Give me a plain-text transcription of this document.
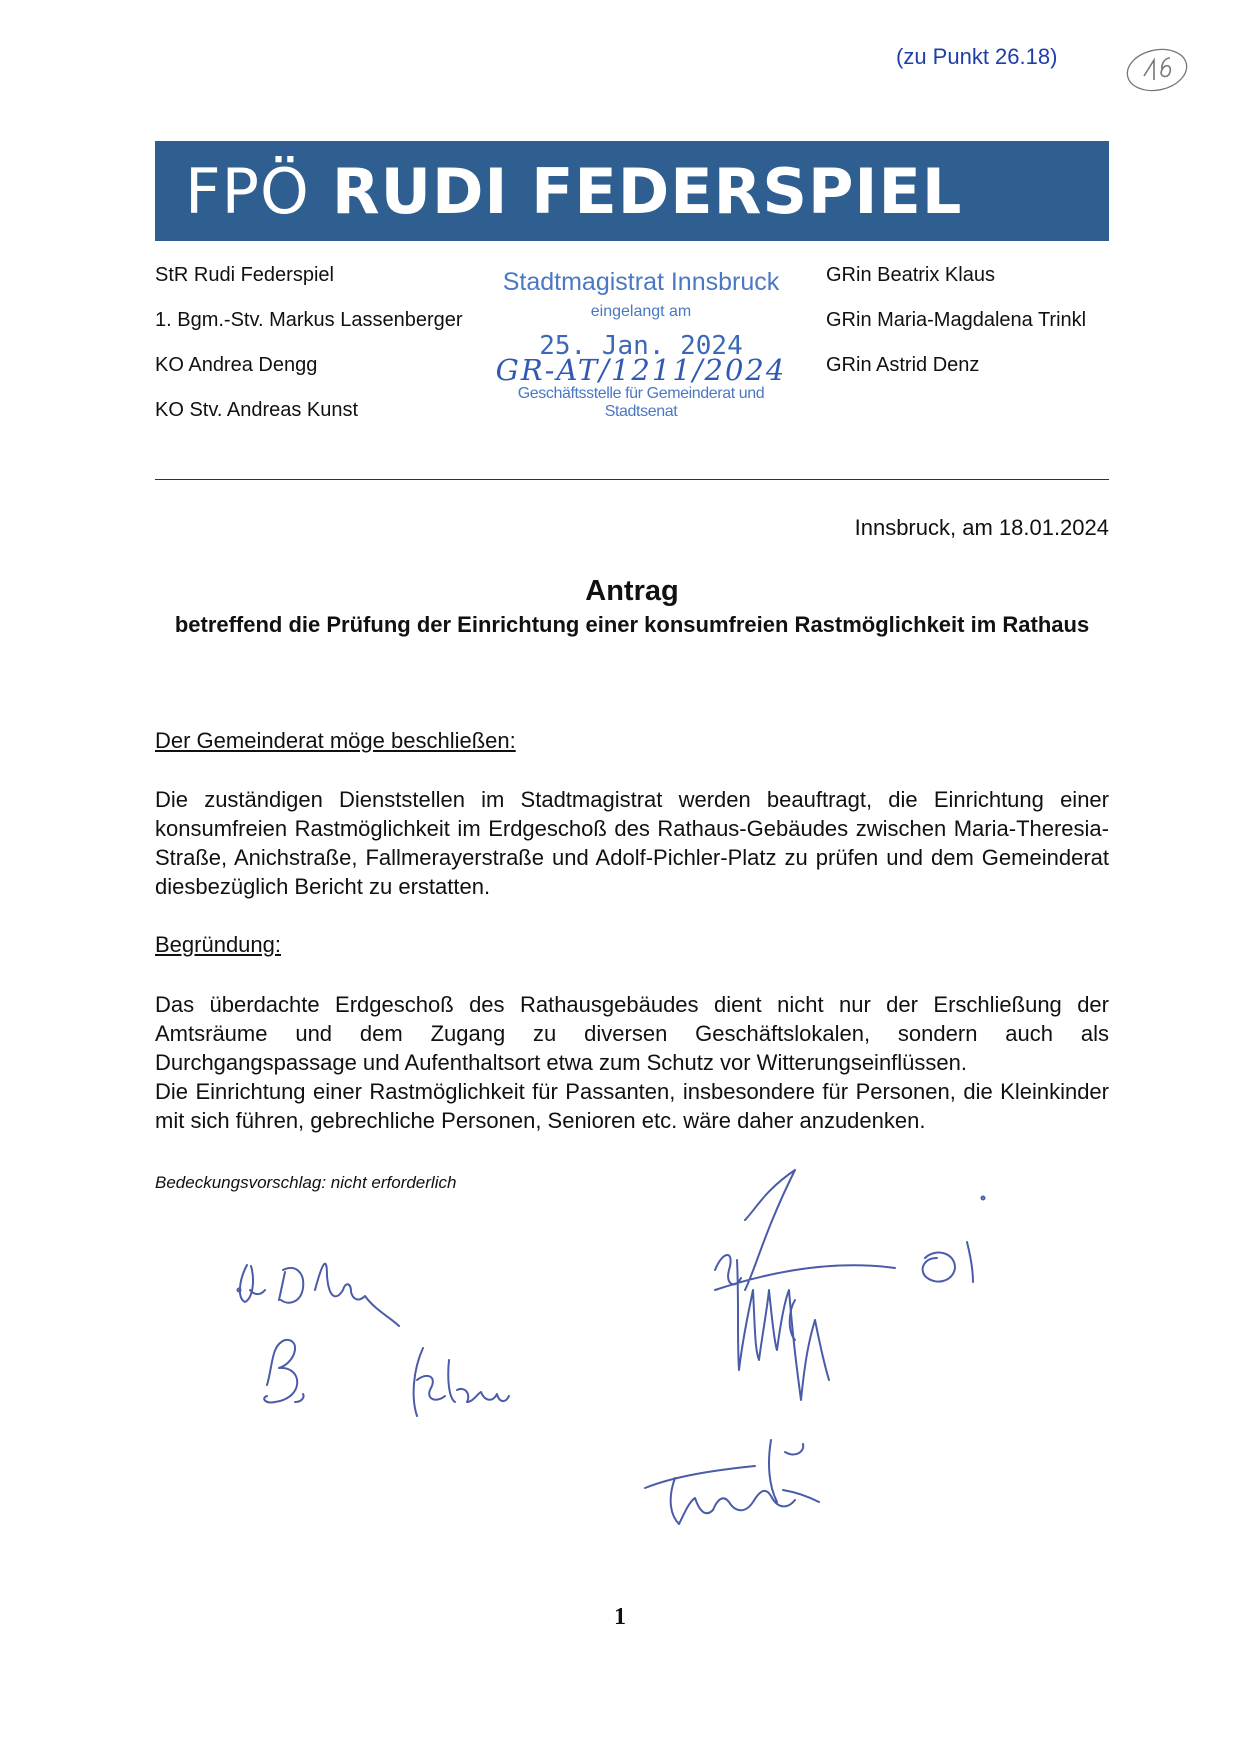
(zu Punkt 26.18)
FPÖ RUDI FEDERSPIEL
StR Rudi Federspiel
1. Bgm.-Stv. Markus Lassenberger
KO Andrea Dengg
KO Stv. Andreas Kunst
Stadtmagistrat Innsbruck
eingelangt am
25. Jan. 2024
GR-AT/1211/2024
Geschäftsstelle für Gemeinderat und Stadtsenat
GRin Beatrix Klaus
GRin Maria-Magdalena Trinkl
GRin Astrid Denz
Innsbruck, am 18.01.2024
Antrag
betreffend die Prüfung der Einrichtung einer konsumfreien Rastmöglichkeit im Rathaus
Der Gemeinderat möge beschließen:
Die zuständigen Dienststellen im Stadtmagistrat werden beauftragt, die Einrichtung einer konsumfreien Rastmöglichkeit im Erdgeschoß des Rathaus-Gebäudes zwischen Maria-Theresia-Straße, Anichstraße, Fallmerayerstraße und Adolf-Pichler-Platz zu prüfen und dem Gemeinderat diesbezüglich Bericht zu erstatten.
Begründung:
Das überdachte Erdgeschoß des Rathausgebäudes dient nicht nur der Erschließung der Amtsräume und dem Zugang zu diversen Geschäftslokalen, sondern auch als Durchgangspassage und Aufenthaltsort etwa zum Schutz vor Witterungseinflüssen.
Die Einrichtung einer Rastmöglichkeit für Passanten, insbesondere für Personen, die Kleinkinder mit sich führen, gebrechliche Personen, Senioren etc. wäre daher anzudenken.
Bedeckungsvorschlag: nicht erforderlich
1
